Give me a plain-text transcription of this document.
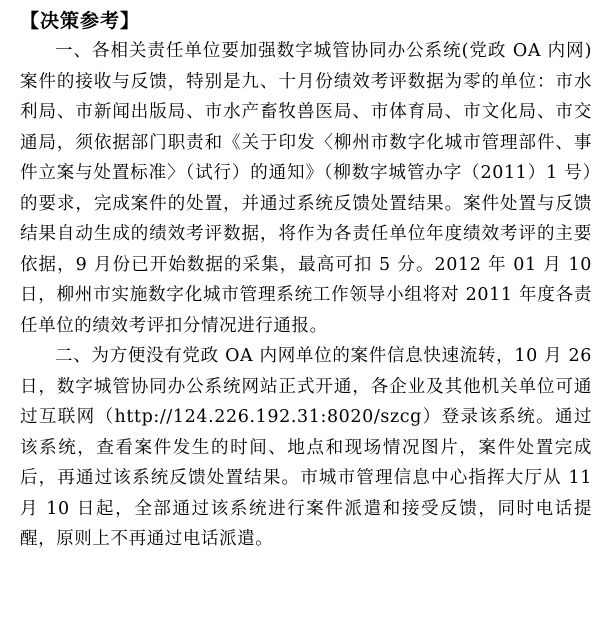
【决策参考】

一、各相关责任单位要加强数字城管协同办公系统(党政 OA 内网)案件的接收与反馈，特别是九、十月份绩效考评数据为零的单位：市水利局、市新闻出版局、市水产畜牧兽医局、市体育局、市文化局、市交通局，须依据部门职责和《关于印发〈柳州市数字化城市管理部件、事件立案与处置标准〉（试行）的通知》（柳数字城管办字（2011）1 号）的要求，完成案件的处置，并通过系统反馈处置结果。案件处置与反馈结果自动生成的绩效考评数据，将作为各责任单位年度绩效考评的主要依据，9 月份已开始数据的采集，最高可扣 5 分。2012 年 01 月 10 日，柳州市实施数字化城市管理系统工作领导小组将对 2011 年度各责任单位的绩效考评扣分情况进行通报。

二、为方便没有党政 OA 内网单位的案件信息快速流转，10 月 26 日，数字城管协同办公系统网站正式开通，各企业及其他机关单位可通过互联网（http://124.226.192.31:8020/szcg）登录该系统。通过该系统，查看案件发生的时间、地点和现场情况图片，案件处置完成后，再通过该系统反馈处置结果。市城市管理信息中心指挥大厅从 11 月 10 日起，全部通过该系统进行案件派遣和接受反馈，同时电话提醒，原则上不再通过电话派遣。
